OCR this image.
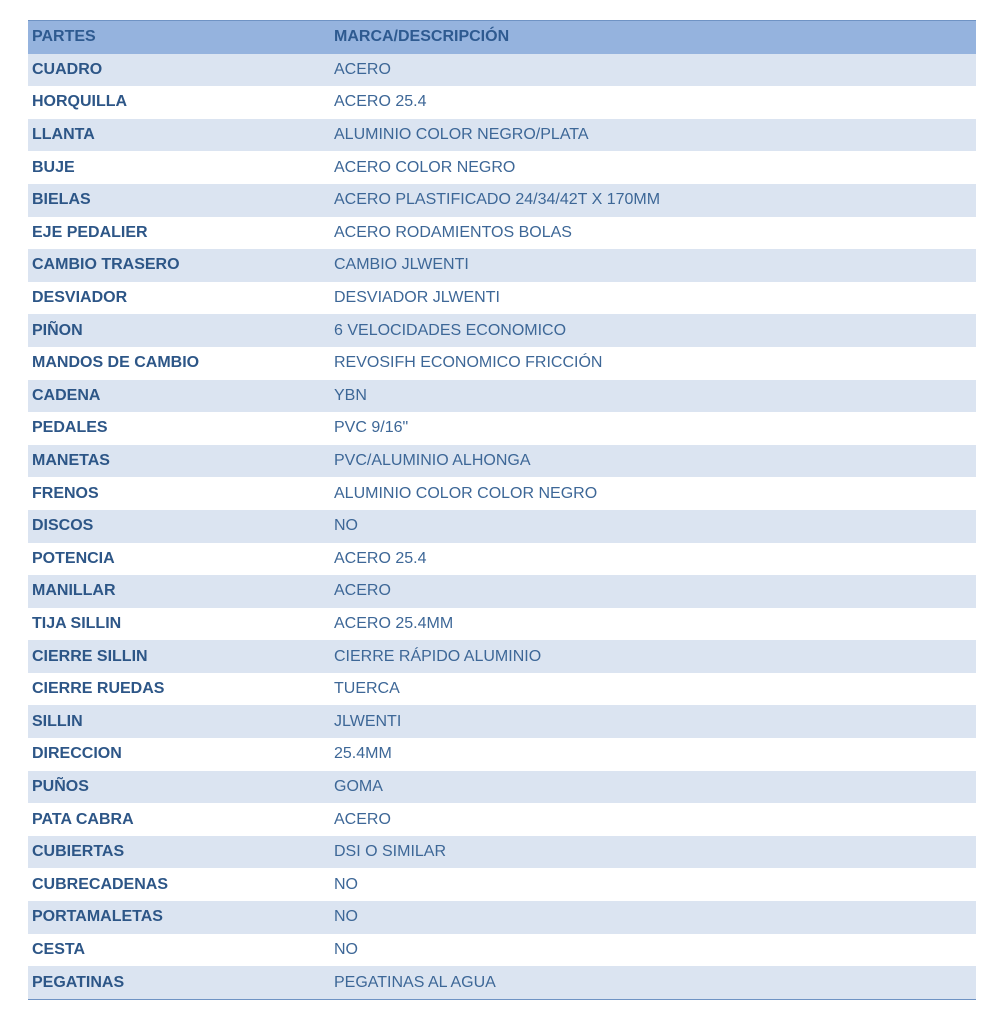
PARTES	MARCA/DESCRIPCIÓN
CUADRO	ACERO
HORQUILLA	ACERO 25.4
LLANTA	ALUMINIO COLOR NEGRO/PLATA
BUJE	ACERO COLOR NEGRO
BIELAS	ACERO PLASTIFICADO 24/34/42T X 170MM
EJE PEDALIER	ACERO RODAMIENTOS BOLAS
CAMBIO TRASERO	CAMBIO JLWENTI
DESVIADOR	DESVIADOR JLWENTI
PIÑON	6 VELOCIDADES ECONOMICO
MANDOS DE CAMBIO	REVOSIFH ECONOMICO FRICCIÓN
CADENA	YBN
PEDALES	PVC 9/16"
MANETAS	PVC/ALUMINIO ALHONGA
FRENOS	ALUMINIO COLOR COLOR NEGRO
DISCOS	NO
POTENCIA	ACERO 25.4
MANILLAR	ACERO
TIJA SILLIN	ACERO 25.4MM
CIERRE SILLIN	CIERRE RÁPIDO ALUMINIO
CIERRE RUEDAS	TUERCA
SILLIN	JLWENTI
DIRECCION	25.4MM
PUÑOS	GOMA
PATA CABRA	ACERO
CUBIERTAS	DSI O SIMILAR
CUBRECADENAS	NO
PORTAMALETAS	NO
CESTA	NO
PEGATINAS	PEGATINAS AL AGUA
